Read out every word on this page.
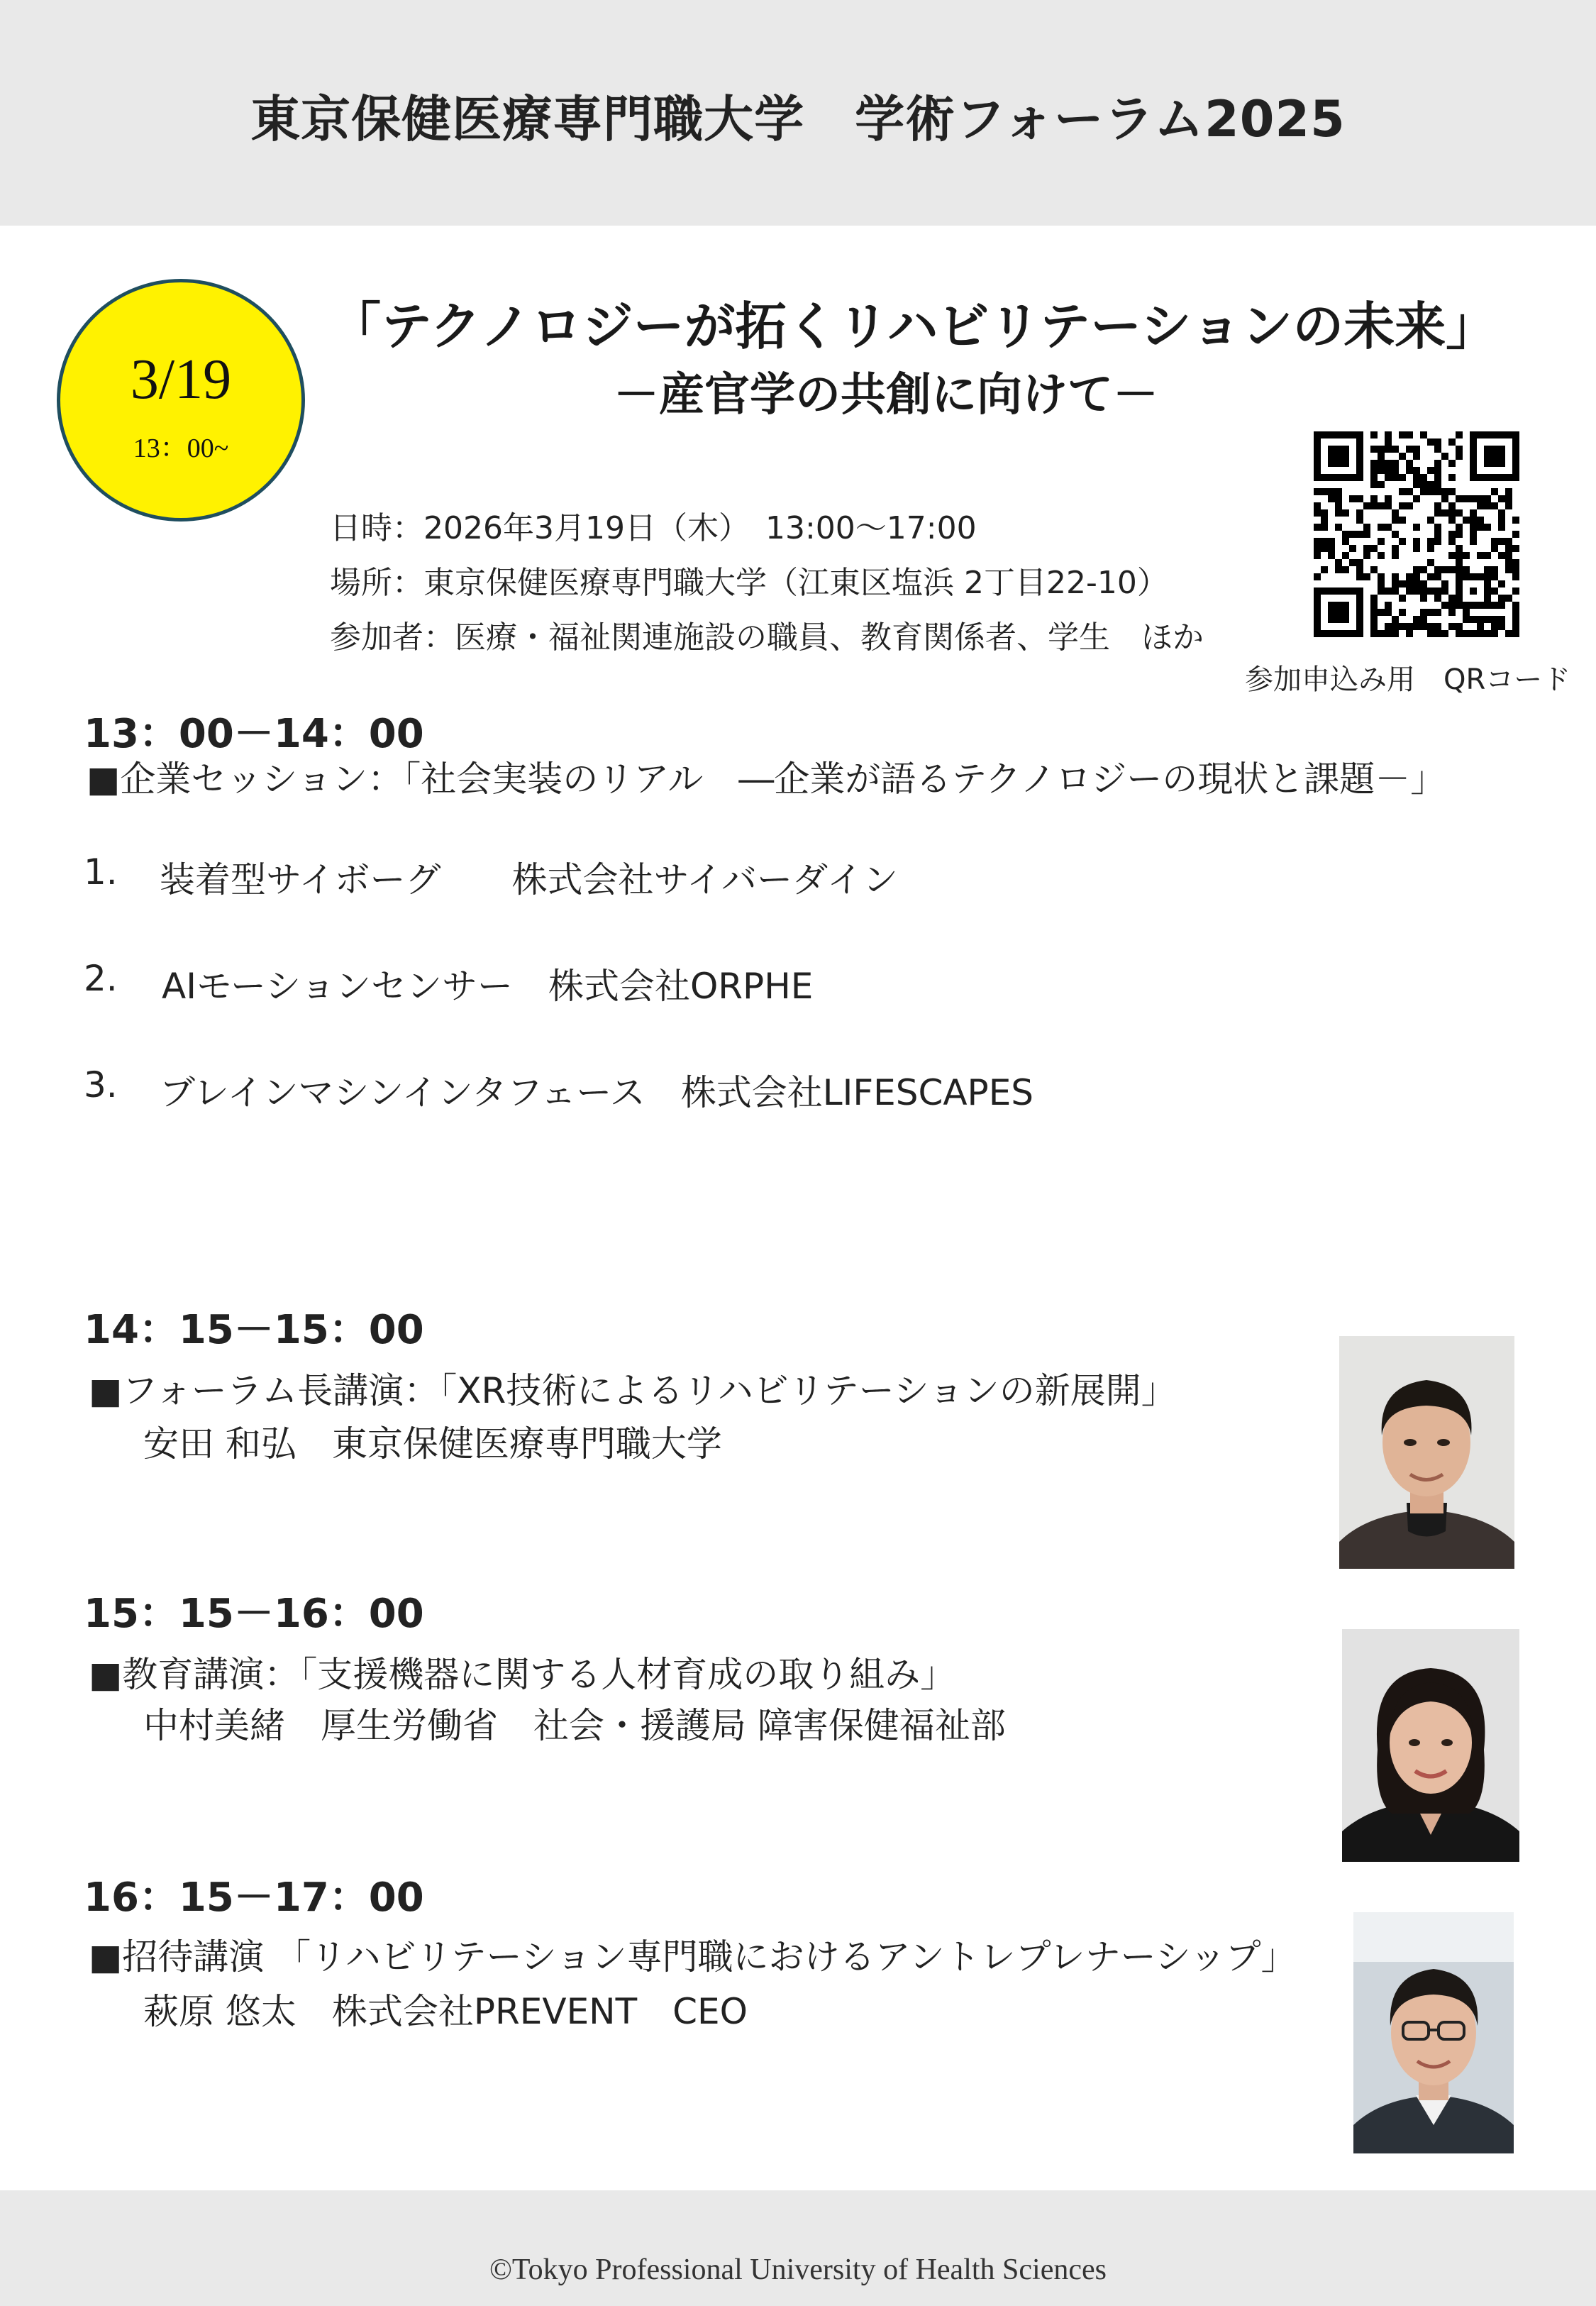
東京保健医療専門職大学　学術フォーラム2025
3/19
13：00~
「テクノロジーが拓くリハビリテーションの未来」
－産官学の共創に向けて－
日時：2026年3月19日（木）　13:00～17:00
場所：東京保健医療専門職大学（江東区塩浜 2丁目22-10）
参加者：医療・福祉関連施設の職員、教育関係者、学生　ほか
参加申込み用　QRコード
13：00－14：00
■企業セッション：「社会実装のリアル　―企業が語るテクノロジーの現状と課題－」
1. 装着型サイボーグ　　株式会社サイバーダイン
2. AIモーションセンサー　株式会社ORPHE
3. ブレインマシンインタフェース　株式会社LIFESCAPES
14：15－15：00
■フォーラム長講演：「XR技術によるリハビリテーションの新展開」
安田 和弘　東京保健医療専門職大学
15：15－16：00
■教育講演：「支援機器に関する人材育成の取り組み」
中村美緒　厚生労働省　社会・援護局 障害保健福祉部
16：15－17：00
■招待講演 「リハビリテーション専門職におけるアントレプレナーシップ」
萩原 悠太　株式会社PREVENT　CEO
©Tokyo Professional University of Health Sciences
